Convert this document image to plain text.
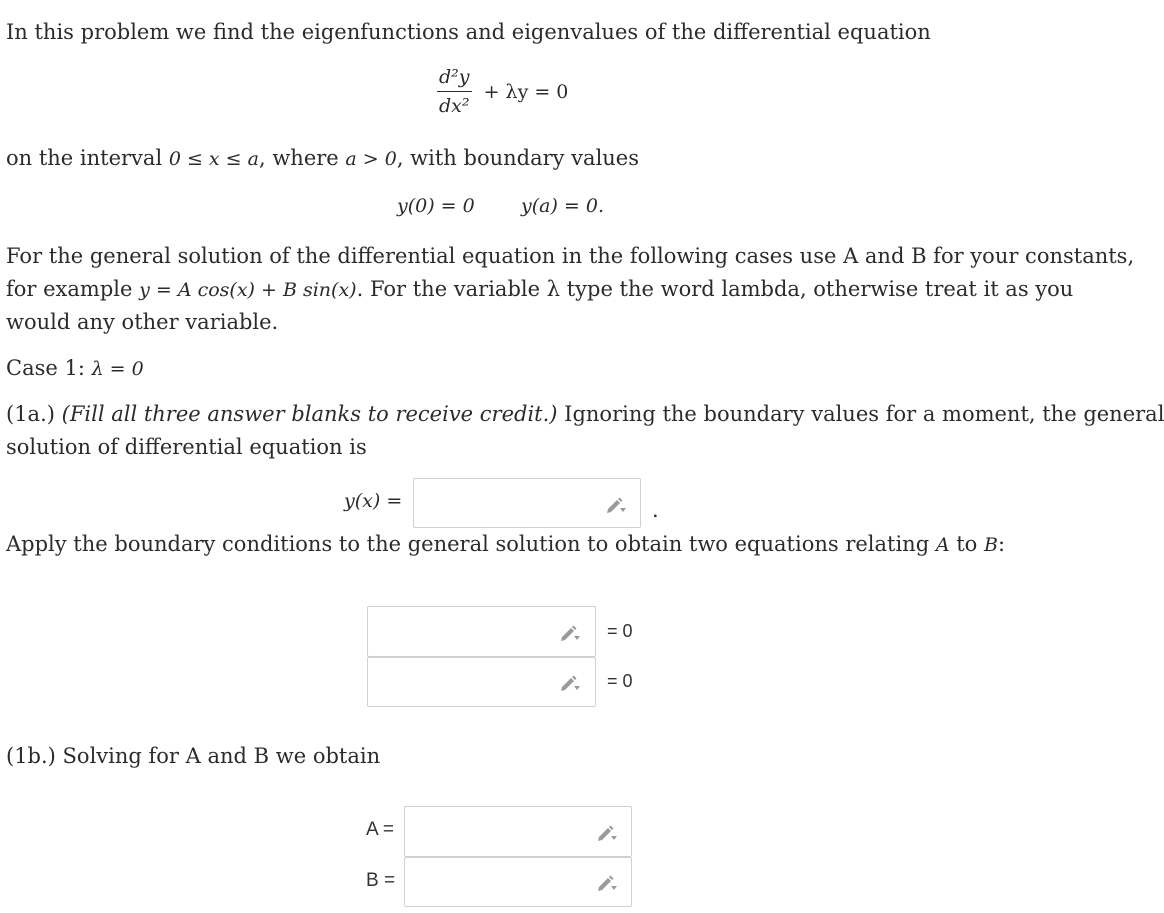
In this problem we find the eigenfunctions and eigenvalues of the differential equation
$\frac{\text{d²y}}{\text{dx²}} + \lambda y = 0$
on the interval 0 ≤ x ≤ a, where a > 0, with boundary values
y(0) = 0 y(a) = 0.
For the general solution of the differential equation in the following cases use A and B for your constants,
for example y = A cos(x) + B sin(x). For the variable λ type the word lambda, otherwise treat it as you
would any other variable.
Case 1: λ = 0
(1a.) (Fill all three answer blanks to receive credit.) Ignoring the boundary values for a moment, the general
solution of differential equation is
y(x) =	.
Apply the boundary conditions to the general solution to obtain two equations relating A to B:
= 0
= 0
(1b.) Solving for A and B we obtain
A =
B =
